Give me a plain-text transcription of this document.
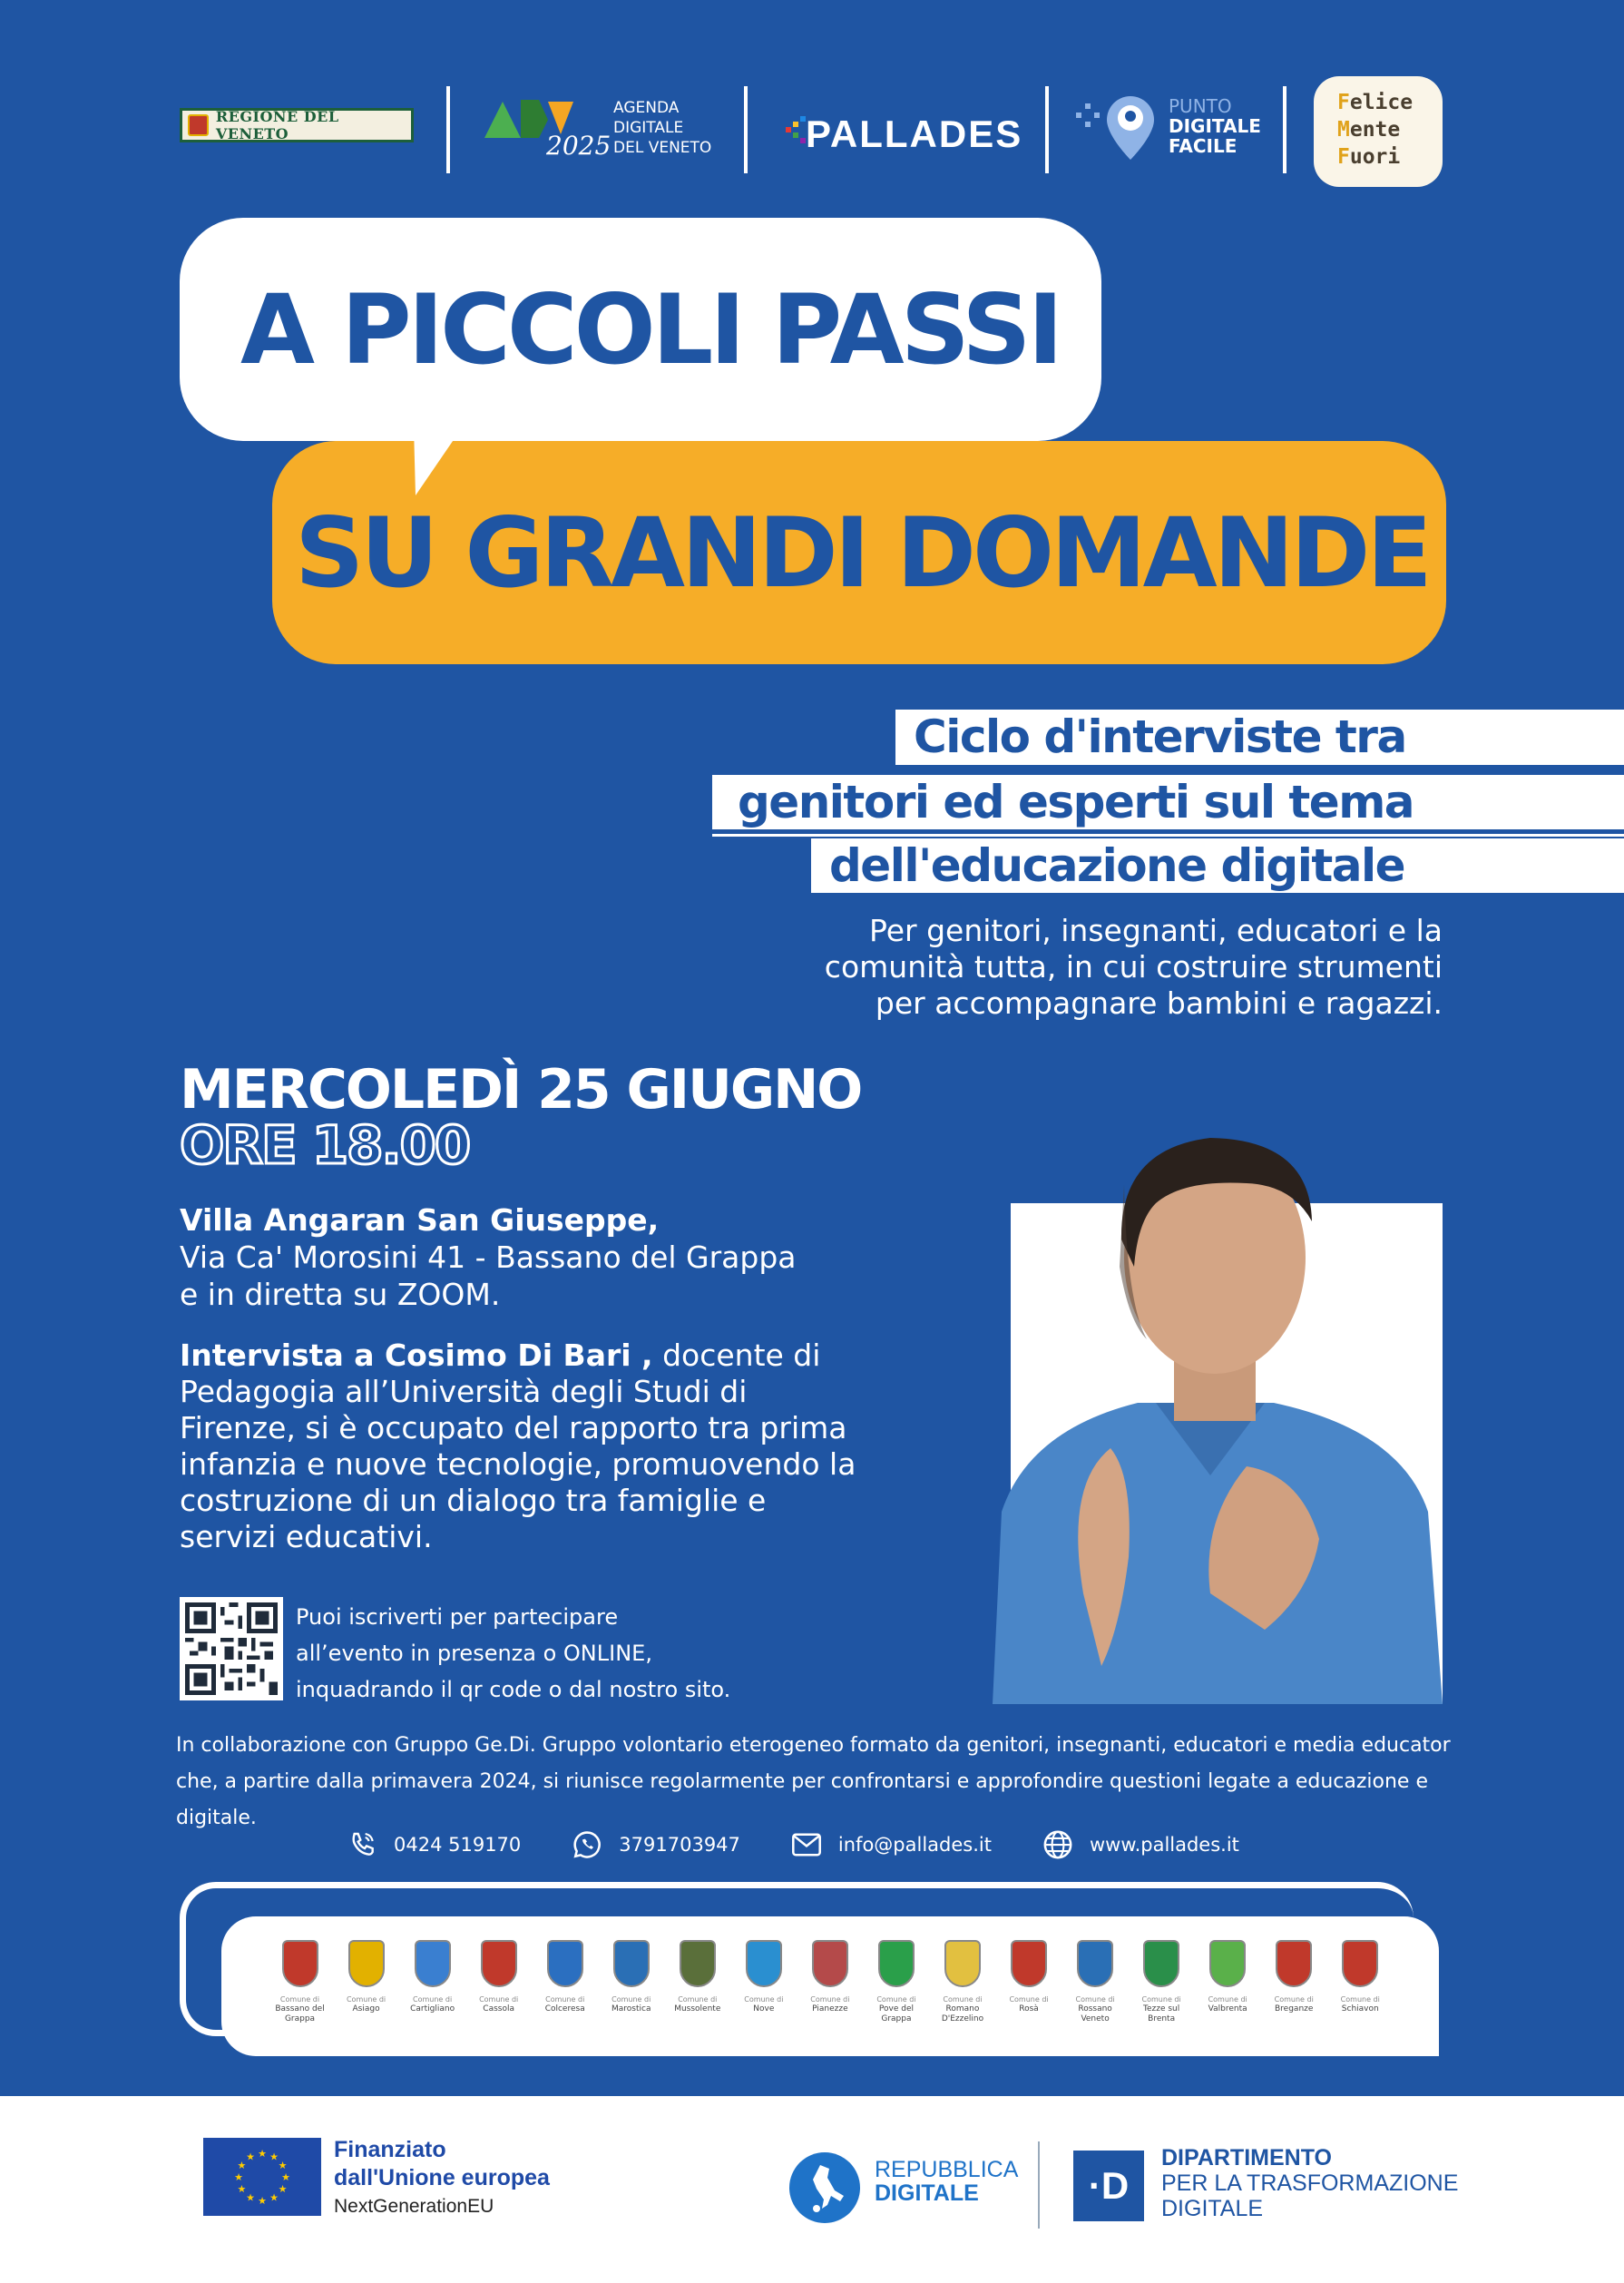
REGIONE DEL VENETO	2025
AGENDA
DIGITALE
DEL VENETO PALLADES
PUNTO
DIGITALE
FACILE
Felice
Mente
Fuori
A PICCOLI PASSI
SU GRANDI DOMANDE
Ciclo d'interviste tra
genitori ed esperti sul tema
dell'educazione digitale
Per genitori, insegnanti, educatori e la comunità tutta, in cui costruire strumenti per accompagnare bambini e ragazzi.
MERCOLEDÌ 25 GIUGNO
ORE 18.00
Villa Angaran San Giuseppe,
Via Ca' Morosini 41 - Bassano del Grappa
e in diretta su ZOOM.
Intervista a Cosimo Di Bari , docente di Pedagogia all’Università degli Studi di Firenze, si è occupato del rapporto tra prima infanzia e nuove tecnologie, promuovendo la costruzione di un dialogo tra famiglie e servizi educativi.
Puoi iscriverti per partecipare
all’evento in presenza o ONLINE,
inquadrando il qr code o dal nostro sito.
In collaborazione con Gruppo Ge.Di. Gruppo volontario eterogeneo formato da genitori, insegnanti, educatori e media educator che, a partire dalla primavera 2024, si riunisce regolarmente per confrontarsi e approfondire questioni legate a educazione e digitale.
0424 519170	3791703947	info@pallades.it	www.pallades.it
Comune di
Bassano del Grappa
Comune di
Asiago
Comune di
Cartigliano
Comune di
Cassola
Comune di
Colceresa
Comune di
Marostica
Comune di
Mussolente
Comune di
Nove
Comune di
Pianezze
Comune di
Pove del Grappa
Comune di
Romano D'Ezzelino
Comune di
Rosà
Comune di
Rossano Veneto
Comune di
Tezze sul Brenta
Comune di
Valbrenta
Comune di
Breganze
Comune di
Schiavon
★
★
★
★
★
★
★
★
★ ★ ★
★
Finanziato
dall'Unione europea
NextGenerationEU
REPUBBLICA
DIGITALE	·D
DIPARTIMENTO
PER LA TRASFORMAZIONE
DIGITALE
